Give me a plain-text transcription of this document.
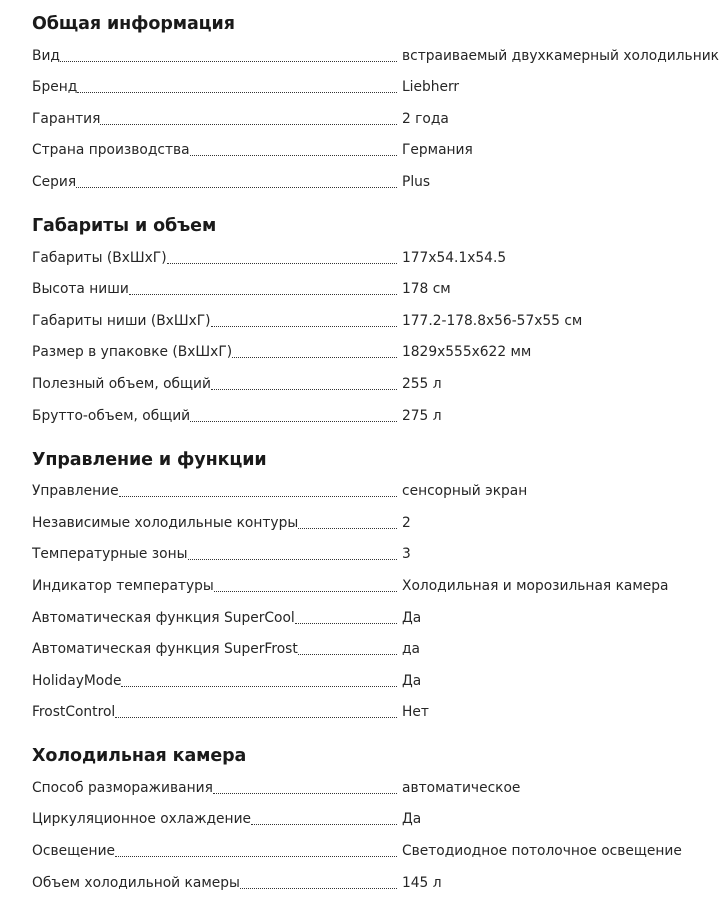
Общая информация
Вид	встраиваемый двухкамерный холодильник
Бренд	Liebherr
Гарантия	2 года
Страна производства	Германия
Серия	Plus
Габариты и объем
Габариты (ВхШхГ)	177x54.1x54.5
Высота ниши	178 см
Габариты ниши (ВхШхГ)	177.2-178.8x56-57x55 см
Размер в упаковке (ВхШхГ)	1829x555x622 мм
Полезный объем, общий	255 л
Брутто-объем, общий	275 л
Управление и функции
Управление	сенсорный экран
Независимые холодильные контуры	2
Температурные зоны	3
Индикатор температуры	Холодильная и морозильная камера
Автоматическая функция SuperCool	Да
Автоматическая функция SuperFrost	да
HolidayMode	Да
FrostControl	Нет
Холодильная камера
Способ размораживания	автоматическое
Циркуляционное охлаждение	Да
Освещение	Светодиодное потолочное освещение
Объем холодильной камеры	145 л
